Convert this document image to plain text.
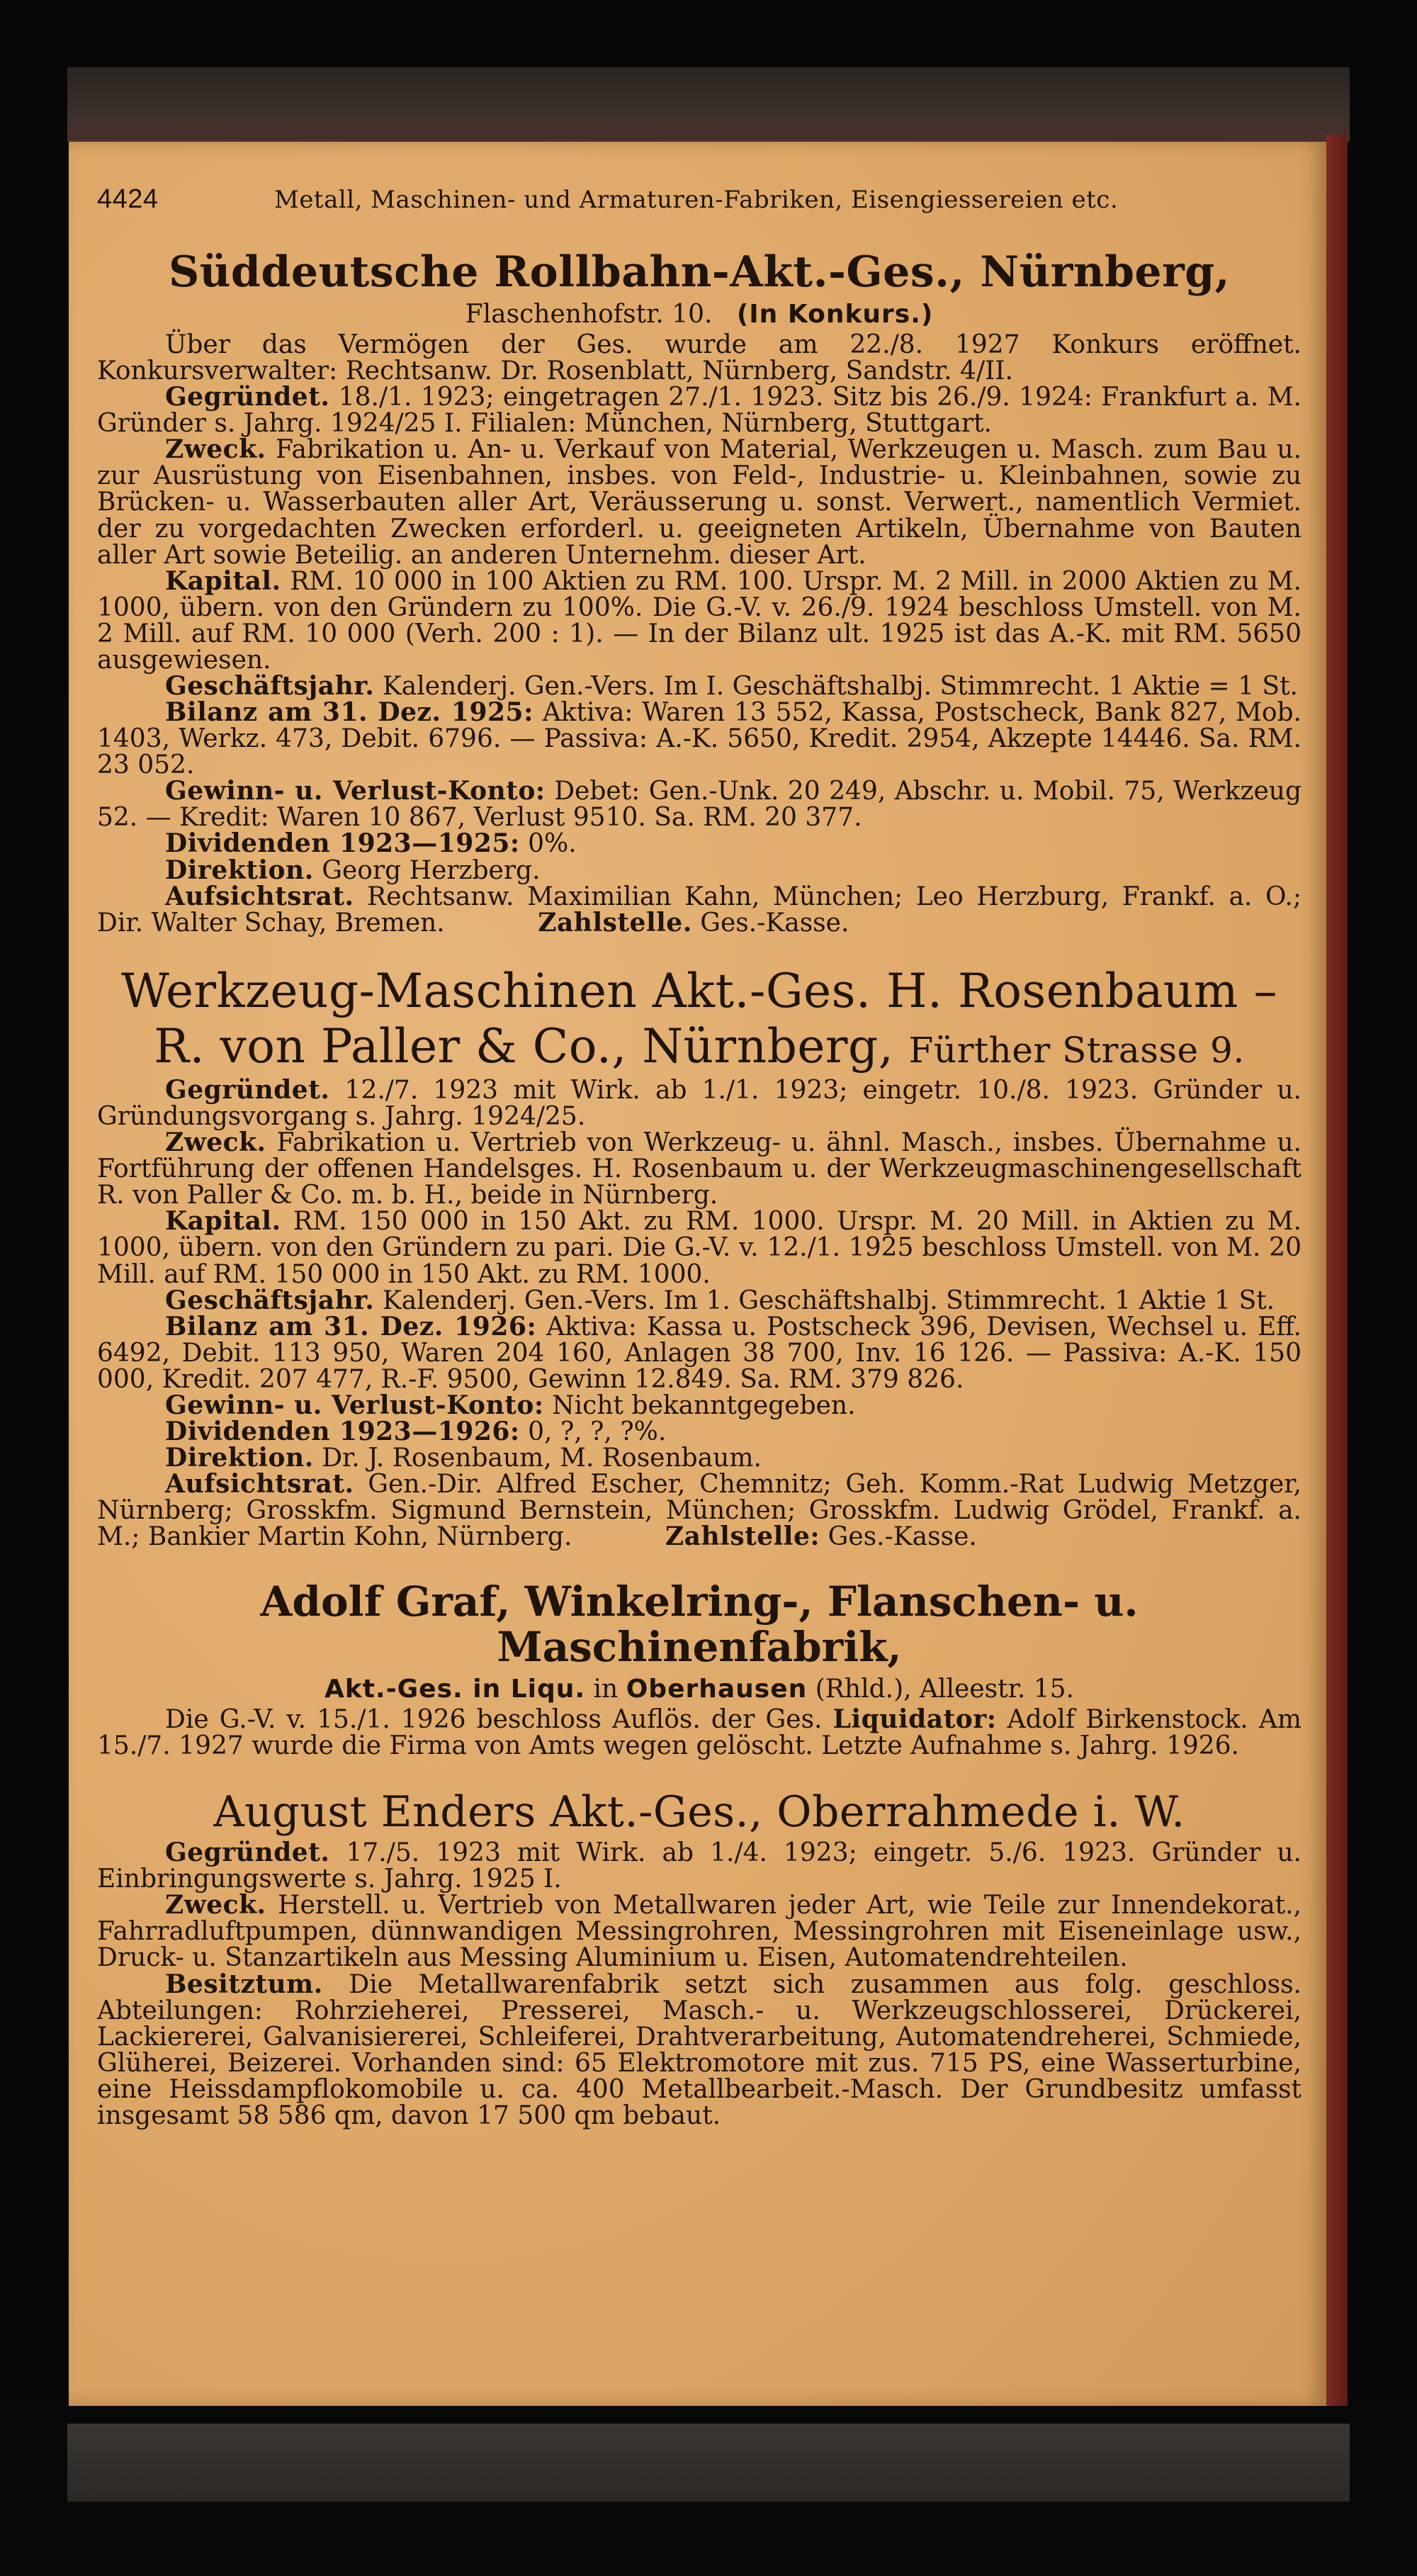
4424	Metall, Maschinen- und Armaturen-Fabriken, Eisengiessereien etc.
Süddeutsche Rollbahn-Akt.-Ges., Nürnberg,
Flaschenhofstr. 10. (In Konkurs.)

Über das Vermögen der Ges. wurde am 22./8. 1927 Konkurs eröffnet. Konkursverwalter: Rechtsanw. Dr. Rosenblatt, Nürnberg, Sandstr. 4/II.

Gegründet. 18./1. 1923; eingetragen 27./1. 1923. Sitz bis 26./9. 1924: Frankfurt a. M. Gründer s. Jahrg. 1924/25 I. Filialen: München, Nürnberg, Stuttgart.

Zweck. Fabrikation u. An- u. Verkauf von Material, Werkzeugen u. Masch. zum Bau u. zur Ausrüstung von Eisenbahnen, insbes. von Feld-, Industrie- u. Kleinbahnen, sowie zu Brücken- u. Wasserbauten aller Art, Veräusserung u. sonst. Verwert., namentlich Vermiet. der zu vorgedachten Zwecken erforderl. u. geeigneten Artikeln, Übernahme von Bauten aller Art sowie Beteilig. an anderen Unternehm. dieser Art.

Kapital. RM. 10 000 in 100 Aktien zu RM. 100. Urspr. M. 2 Mill. in 2000 Aktien zu M. 1000, übern. von den Gründern zu 100%. Die G.-V. v. 26./9. 1924 beschloss Umstell. von M. 2 Mill. auf RM. 10 000 (Verh. 200 : 1). — In der Bilanz ult. 1925 ist das A.-K. mit RM. 5650 ausgewiesen.

Geschäftsjahr. Kalenderj. Gen.-Vers. Im I. Geschäftshalbj. Stimmrecht. 1 Aktie = 1 St.

Bilanz am 31. Dez. 1925: Aktiva: Waren 13 552, Kassa, Postscheck, Bank 827, Mob. 1403, Werkz. 473, Debit. 6796. — Passiva: A.-K. 5650, Kredit. 2954, Akzepte 14446. Sa. RM. 23 052.

Gewinn- u. Verlust-Konto: Debet: Gen.-Unk. 20 249, Abschr. u. Mobil. 75, Werkzeug 52. — Kredit: Waren 10 867, Verlust 9510. Sa. RM. 20 377.

Dividenden 1923—1925: 0%.

Direktion. Georg Herzberg.

Aufsichtsrat. Rechtsanw. Maximilian Kahn, München; Leo Herzburg, Frankf. a. O.; Dir. Walter Schay, Bremen.	Zahlstelle. Ges.-Kasse.

Werkzeug-Maschinen Akt.-Ges. H. Rosenbaum –
R. von Paller & Co., Nürnberg, Fürther Strasse 9.

Gegründet. 12./7. 1923 mit Wirk. ab 1./1. 1923; eingetr. 10./8. 1923. Gründer u. Gründungsvorgang s. Jahrg. 1924/25.

Zweck. Fabrikation u. Vertrieb von Werkzeug- u. ähnl. Masch., insbes. Übernahme u. Fortführung der offenen Handelsges. H. Rosenbaum u. der Werkzeugmaschinengesellschaft R. von Paller & Co. m. b. H., beide in Nürnberg.

Kapital. RM. 150 000 in 150 Akt. zu RM. 1000. Urspr. M. 20 Mill. in Aktien zu M. 1000, übern. von den Gründern zu pari. Die G.-V. v. 12./1. 1925 beschloss Umstell. von M. 20 Mill. auf RM. 150 000 in 150 Akt. zu RM. 1000.

Geschäftsjahr. Kalenderj. Gen.-Vers. Im 1. Geschäftshalbj. Stimmrecht. 1 Aktie 1 St.

Bilanz am 31. Dez. 1926: Aktiva: Kassa u. Postscheck 396, Devisen, Wechsel u. Eff. 6492, Debit. 113 950, Waren 204 160, Anlagen 38 700, Inv. 16 126. — Passiva: A.-K. 150 000, Kredit. 207 477, R.-F. 9500, Gewinn 12.849. Sa. RM. 379 826.

Gewinn- u. Verlust-Konto: Nicht bekanntgegeben.

Dividenden 1923—1926: 0, ?, ?, ?%.

Direktion. Dr. J. Rosenbaum, M. Rosenbaum.

Aufsichtsrat. Gen.-Dir. Alfred Escher, Chemnitz; Geh. Komm.-Rat Ludwig Metzger, Nürnberg; Grosskfm. Sigmund Bernstein, München; Grosskfm. Ludwig Grödel, Frankf. a. M.; Bankier Martin Kohn, Nürnberg.	Zahlstelle: Ges.-Kasse.

Adolf Graf, Winkelring-, Flanschen- u. Maschinenfabrik,
Akt.-Ges. in Liqu. in Oberhausen (Rhld.), Alleestr. 15.

Die G.-V. v. 15./1. 1926 beschloss Auflös. der Ges. Liquidator: Adolf Birkenstock. Am 15./7. 1927 wurde die Firma von Amts wegen gelöscht. Letzte Aufnahme s. Jahrg. 1926.

August Enders Akt.-Ges., Oberrahmede i. W.

Gegründet. 17./5. 1923 mit Wirk. ab 1./4. 1923; eingetr. 5./6. 1923. Gründer u. Einbringungswerte s. Jahrg. 1925 I.

Zweck. Herstell. u. Vertrieb von Metallwaren jeder Art, wie Teile zur Innendekorat., Fahrradluftpumpen, dünnwandigen Messingrohren, Messingrohren mit Eiseneinlage usw., Druck- u. Stanzartikeln aus Messing Aluminium u. Eisen, Automatendrehteilen.

Besitztum. Die Metallwarenfabrik setzt sich zusammen aus folg. geschloss. Abteilungen: Rohrzieherei, Presserei, Masch.- u. Werkzeugschlosserei, Drückerei, Lackiererei, Galvanisiererei, Schleiferei, Drahtverarbeitung, Automatendreherei, Schmiede, Glüherei, Beizerei. Vorhanden sind: 65 Elektromotore mit zus. 715 PS, eine Wasserturbine, eine Heissdampflokomobile u. ca. 400 Metallbearbeit.-Masch. Der Grundbesitz umfasst insgesamt 58 586 qm, davon 17 500 qm bebaut.
